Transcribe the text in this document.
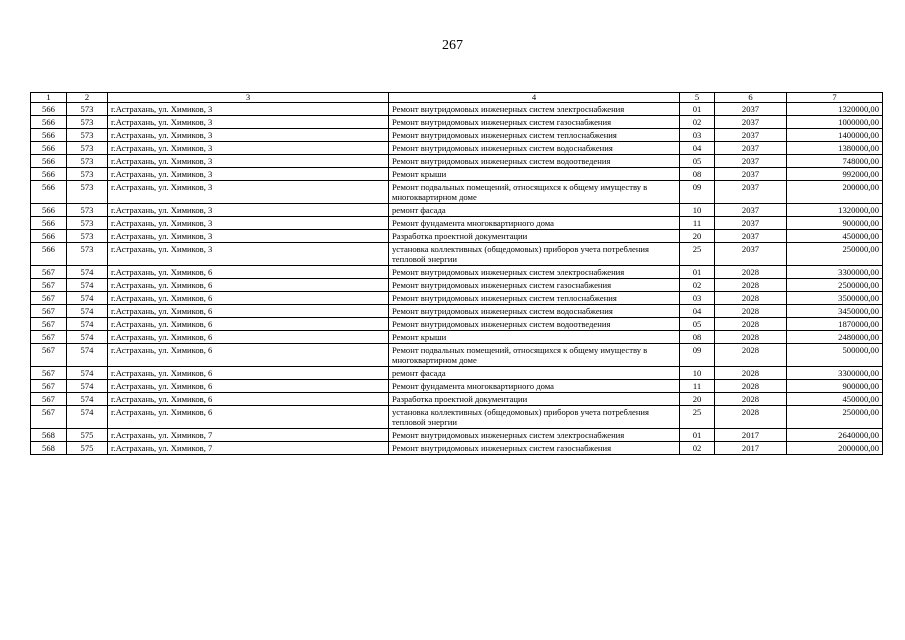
267
1	2	3	4	5	6	7
566	573	г.Астрахань, ул. Химиков, 3	Ремонт внутридомовых инженерных систем электроснабжения	01	2037	1320000,00
566	573	г.Астрахань, ул. Химиков, 3	Ремонт внутридомовых инженерных систем газоснабжения	02	2037	1000000,00
566	573	г.Астрахань, ул. Химиков, 3	Ремонт внутридомовых инженерных систем теплоснабжения	03	2037	1400000,00
566	573	г.Астрахань, ул. Химиков, 3	Ремонт внутридомовых инженерных систем водоснабжения	04	2037	1380000,00
566	573	г.Астрахань, ул. Химиков, 3	Ремонт внутридомовых инженерных систем водоотведения	05	2037	748000,00
566	573	г.Астрахань, ул. Химиков, 3	Ремонт крыши	08	2037	992000,00
566	573	г.Астрахань, ул. Химиков, 3	Ремонт подвальных помещений, относящихся к общему имуществу в многоквартирном доме	09	2037	200000,00
566	573	г.Астрахань, ул. Химиков, 3	ремонт фасада	10	2037	1320000,00
566	573	г.Астрахань, ул. Химиков, 3	Ремонт фундамента многоквартирного дома	11	2037	900000,00
566	573	г.Астрахань, ул. Химиков, 3	Разработка проектной документации	20	2037	450000,00
566	573	г.Астрахань, ул. Химиков, 3	установка коллективных (общедомовых) приборов учета потребления тепловой энергии	25	2037	250000,00
567	574	г.Астрахань, ул. Химиков, 6	Ремонт внутридомовых инженерных систем электроснабжения	01	2028	3300000,00
567	574	г.Астрахань, ул. Химиков, 6	Ремонт внутридомовых инженерных систем газоснабжения	02	2028	2500000,00
567	574	г.Астрахань, ул. Химиков, 6	Ремонт внутридомовых инженерных систем теплоснабжения	03	2028	3500000,00
567	574	г.Астрахань, ул. Химиков, 6	Ремонт внутридомовых инженерных систем водоснабжения	04	2028	3450000,00
567	574	г.Астрахань, ул. Химиков, 6	Ремонт внутридомовых инженерных систем водоотведения	05	2028	1870000,00
567	574	г.Астрахань, ул. Химиков, 6	Ремонт крыши	08	2028	2480000,00
567	574	г.Астрахань, ул. Химиков, 6	Ремонт подвальных помещений, относящихся к общему имуществу в многоквартирном доме	09	2028	500000,00
567	574	г.Астрахань, ул. Химиков, 6	ремонт фасада	10	2028	3300000,00
567	574	г.Астрахань, ул. Химиков, 6	Ремонт фундамента многоквартирного дома	11	2028	900000,00
567	574	г.Астрахань, ул. Химиков, 6	Разработка проектной документации	20	2028	450000,00
567	574	г.Астрахань, ул. Химиков, 6	установка коллективных (общедомовых) приборов учета потребления тепловой энергии	25	2028	250000,00
568	575	г.Астрахань, ул. Химиков, 7	Ремонт внутридомовых инженерных систем электроснабжения	01	2017	2640000,00
568	575	г.Астрахань, ул. Химиков, 7	Ремонт внутридомовых инженерных систем газоснабжения	02	2017	2000000,00
